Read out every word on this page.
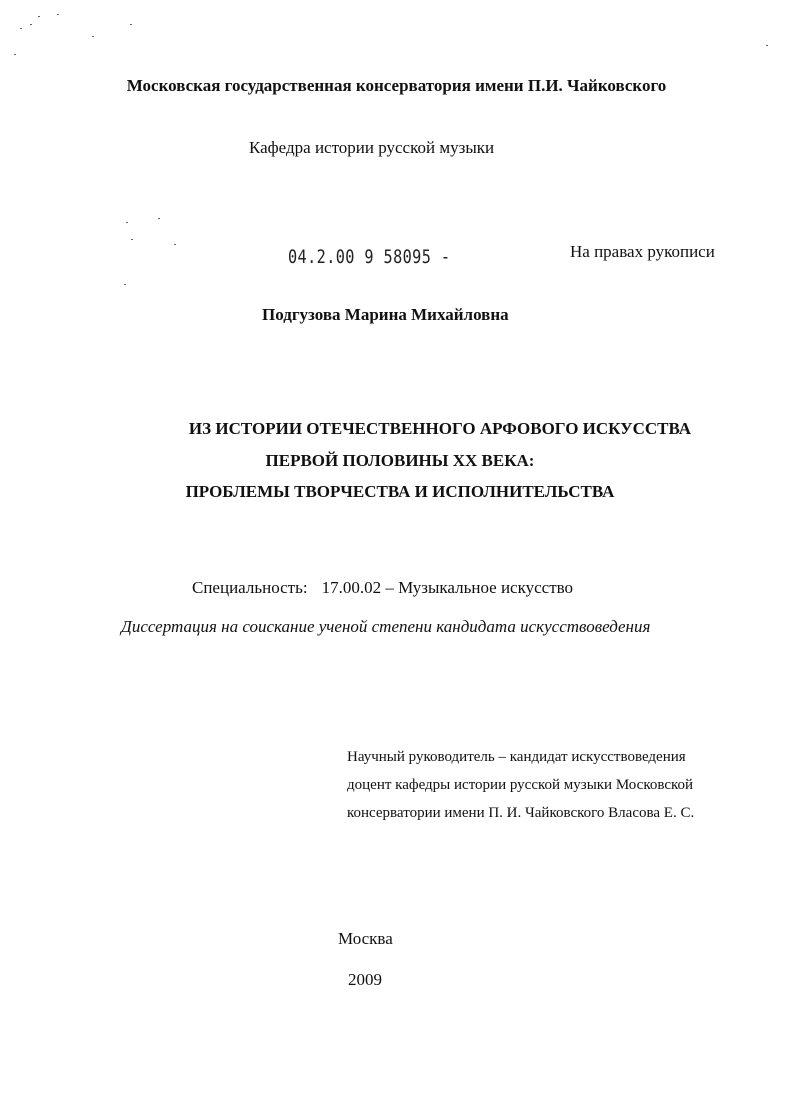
Московская государственная консерватория имени П.И. Чайковского
Кафедра истории русской музыки
04.2.00 9 58095 -	На правах рукописи
Подгузова Марина Михайловна
ИЗ ИСТОРИИ ОТЕЧЕСТВЕННОГО АРФОВОГО ИСКУССТВА
ПЕРВОЙ ПОЛОВИНЫ XX ВЕКА:
ПРОБЛЕМЫ ТВОРЧЕСТВА И ИСПОЛНИТЕЛЬСТВА
Специальность: 17.00.02 – Музыкальное искусство
Диссертация на соискание ученой степени кандидата искусствоведения
Научный руководитель – кандидат искусствоведения
доцент кафедры истории русской музыки Московской
консерватории имени П. И. Чайковского Власова Е. С.
Москва
2009
